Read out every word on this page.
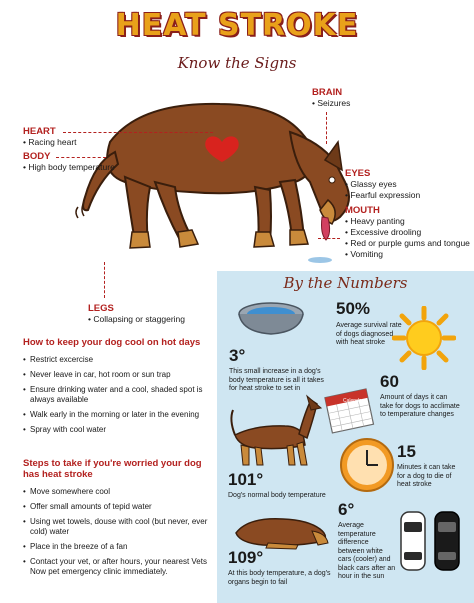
HEAT STROKE
Know the Signs
BRAIN
• Seizures
HEART
• Racing heart
BODY
• High body temperature
EYES
• Glassy eyes
• Fearful expression
MOUTH
• Heavy panting
• Excessive drooling
• Red or purple gums and tongue
• Vomiting
LEGS
• Collapsing or staggering
How to keep your dog cool on hot days
• Restrict excercise
• Never leave in car, hot room or sun trap
• Ensure drinking water and a cool, shaded spot is always available
• Walk early in the morning or later in the evening
• Spray with cool water
Steps to take if you're worried your dog has heat stroke
• Move somewhere cool
• Offer small amounts of tepid water
• Using wet towels, douse with cool (but never, ever cold) water
• Place in the breeze of a fan
• Contact your vet, or after hours, your nearest Vets Now pet emergency clinic immediately.
By the Numbers
50%
Average survival rate of dogs diagnosed with heat stroke
3°
This small increase in a dog's body temperature is all it takes for heat stroke to set in
Calendar
60
Amount of days it can take for dogs to acclimate to temperature changes
15
Minutes it can take for a dog to die of heat stroke
101°
Dog's normal body temperature
6°
Average temperature difference between white cars (cooler) and black cars after an hour in the sun
109°
At this body temperature, a dog's organs begin to fail
